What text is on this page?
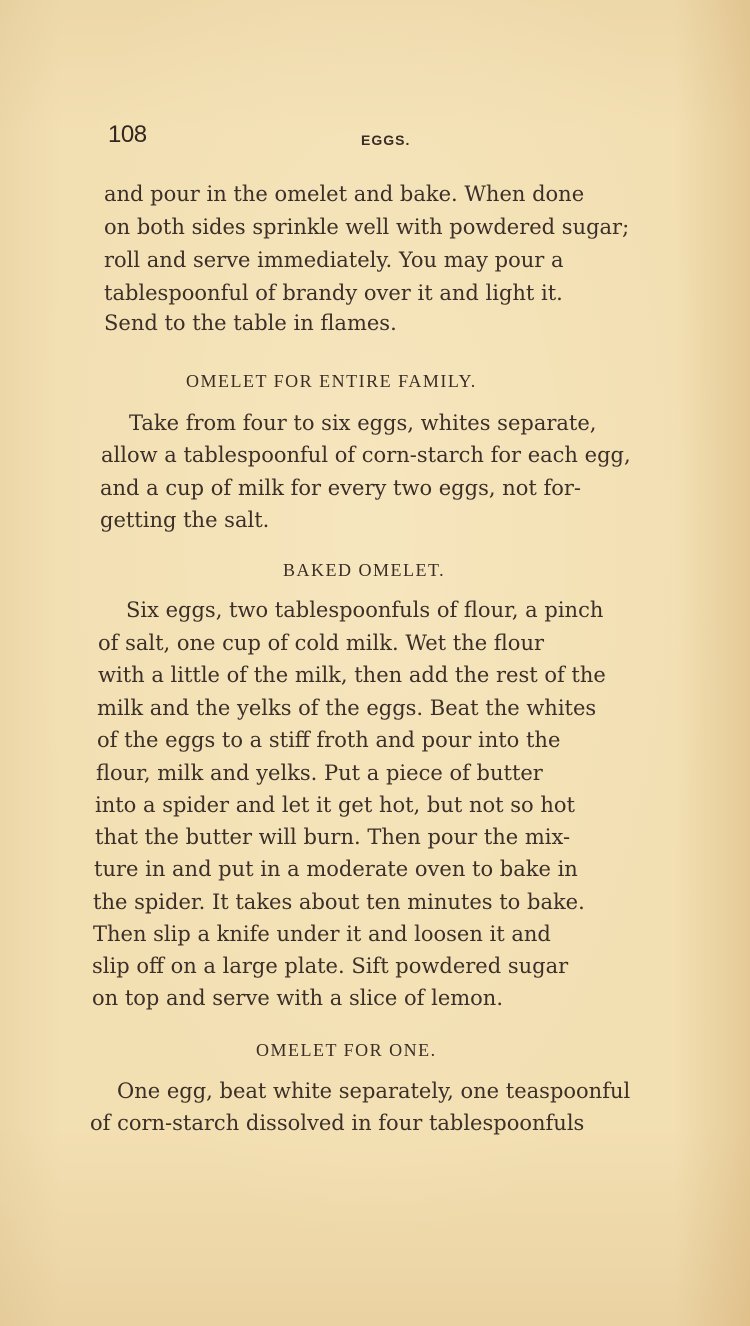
108	EGGS.
and pour in the omelet and bake. When done
on both sides sprinkle well with powdered sugar;
roll and serve immediately. You may pour a
tablespoonful of brandy over it and light it.
Send to the table in flames.
OMELET FOR ENTIRE FAMILY.
Take from four to six eggs, whites separate,
allow a tablespoonful of corn-starch for each egg,
and a cup of milk for every two eggs, not for-
getting the salt.
BAKED OMELET.
Six eggs, two tablespoonfuls of flour, a pinch
of salt, one cup of cold milk. Wet the flour
with a little of the milk, then add the rest of the
milk and the yelks of the eggs. Beat the whites
of the eggs to a stiff froth and pour into the
flour, milk and yelks. Put a piece of butter
into a spider and let it get hot, but not so hot
that the butter will burn. Then pour the mix-
ture in and put in a moderate oven to bake in
the spider. It takes about ten minutes to bake.
Then slip a knife under it and loosen it and
slip off on a large plate. Sift powdered sugar
on top and serve with a slice of lemon.
OMELET FOR ONE.
One egg, beat white separately, one teaspoonful
of corn-starch dissolved in four tablespoonfuls
